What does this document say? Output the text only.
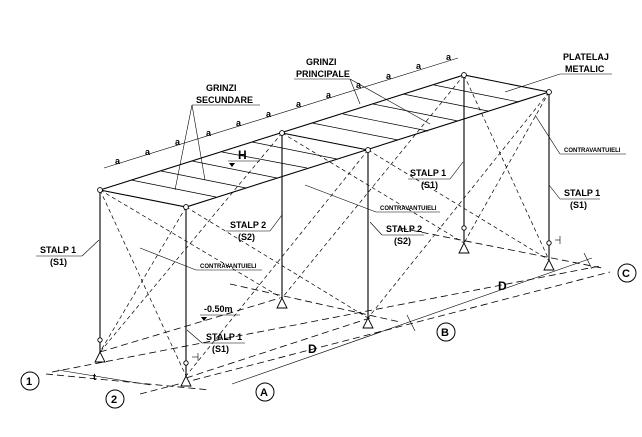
a
a
a
a
a
a
a
a
a
a
a
a
GRINZI
PRINCIPALE
GRINZI
SECUNDARE
PLATELAJ
METALIC
H
STALP 1
(S1)
STALP 1
(S1)
CONTRAVANTUIELI
CONTRAVANTUIELI
CONTRAVANTUIELI
STALP 2
(S2)
STALP 2
(S2)
STALP 1
(S1)
STALP 1
(S1)
-0.50m
D
D
t
1
2
A
B
C
